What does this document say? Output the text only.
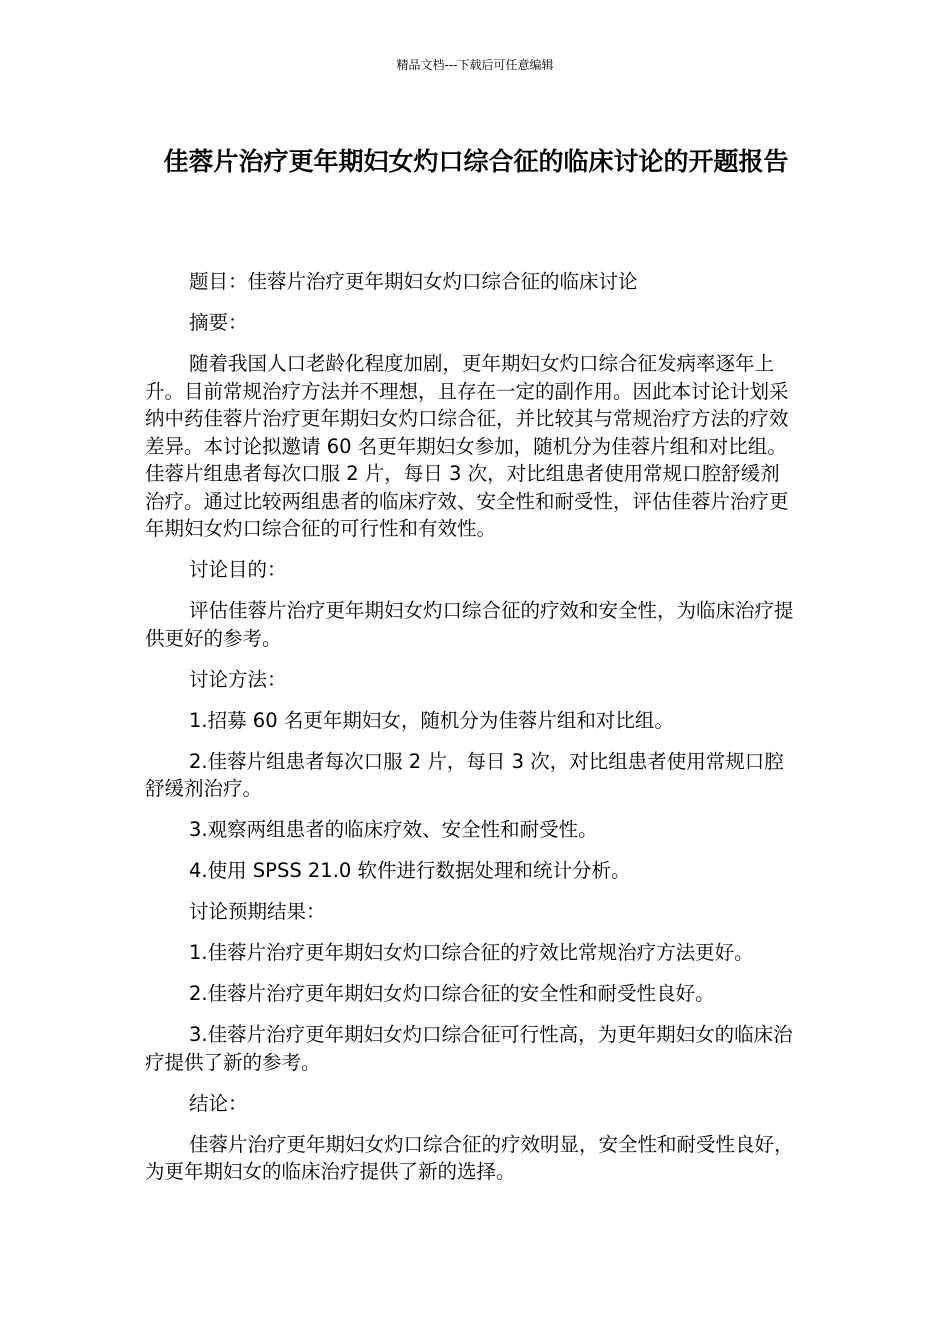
精品文档---下载后可任意编辑
佳蓉片治疗更年期妇女灼口综合征的临床讨论的开题报告

题目：佳蓉片治疗更年期妇女灼口综合征的临床讨论

摘要：

随着我国人口老龄化程度加剧，更年期妇女灼口综合征发病率逐年上升。目前常规治疗方法并不理想，且存在一定的副作用。因此本讨论计划采纳中药佳蓉片治疗更年期妇女灼口综合征，并比较其与常规治疗方法的疗效差异。本讨论拟邀请 60 名更年期妇女参加，随机分为佳蓉片组和对比组。佳蓉片组患者每次口服 2 片，每日 3 次，对比组患者使用常规口腔舒缓剂治疗。通过比较两组患者的临床疗效、安全性和耐受性，评估佳蓉片治疗更年期妇女灼口综合征的可行性和有效性。

讨论目的：

评估佳蓉片治疗更年期妇女灼口综合征的疗效和安全性，为临床治疗提供更好的参考。

讨论方法：

1.招募 60 名更年期妇女，随机分为佳蓉片组和对比组。

2.佳蓉片组患者每次口服 2 片，每日 3 次，对比组患者使用常规口腔舒缓剂治疗。

3.观察两组患者的临床疗效、安全性和耐受性。

4.使用 SPSS 21.0 软件进行数据处理和统计分析。

讨论预期结果：

1.佳蓉片治疗更年期妇女灼口综合征的疗效比常规治疗方法更好。

2.佳蓉片治疗更年期妇女灼口综合征的安全性和耐受性良好。

3.佳蓉片治疗更年期妇女灼口综合征可行性高，为更年期妇女的临床治疗提供了新的参考。

结论：

佳蓉片治疗更年期妇女灼口综合征的疗效明显，安全性和耐受性良好，为更年期妇女的临床治疗提供了新的选择。
